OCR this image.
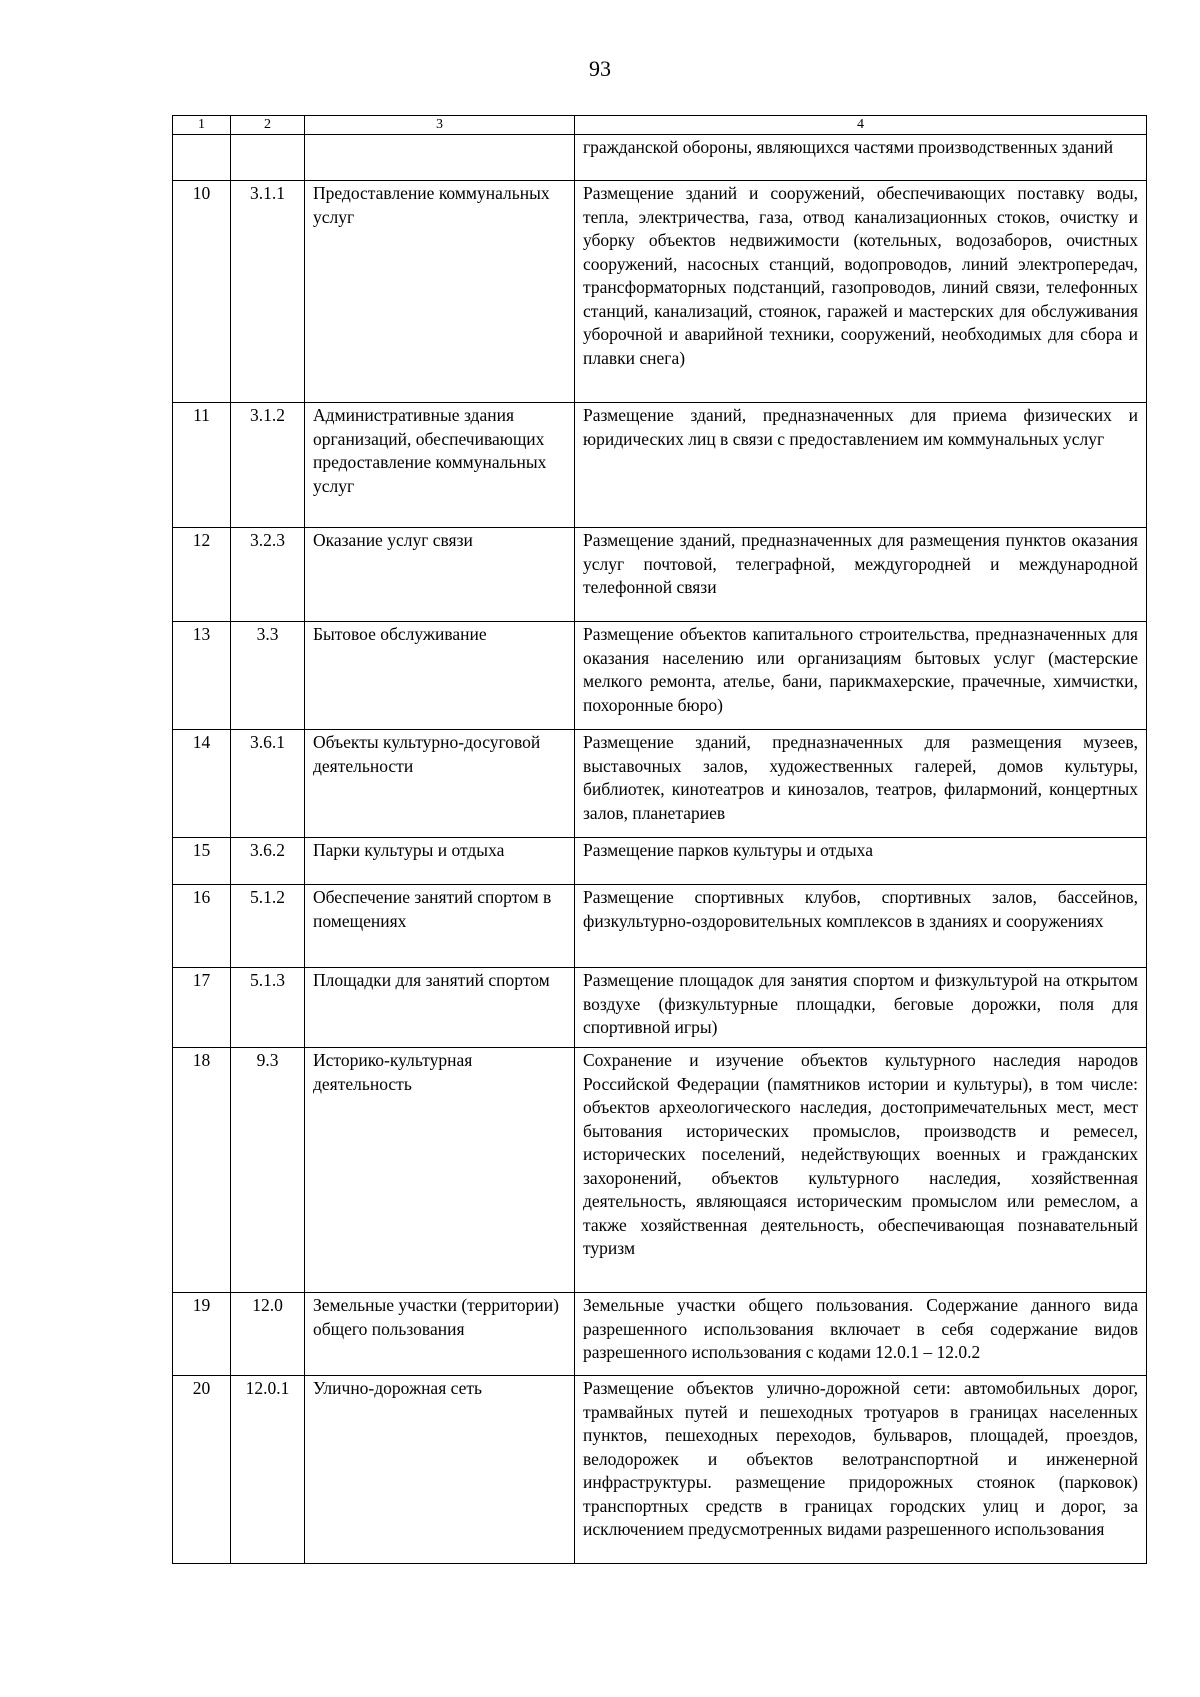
93
1	2	3	4
			гражданской обороны, являющихся частями производственных зданий
10	3.1.1	Предоставление коммунальных услуг	Размещение зданий и сооружений, обеспечивающих поставку воды, тепла, электричества, газа, отвод канализационных стоков, очистку и уборку объектов недвижимости (котельных, водозаборов, очистных сооружений, насосных станций, водопроводов, линий электропередач, трансформаторных подстанций, газопроводов, линий связи, телефонных станций, канализаций, стоянок, гаражей и мастерских для обслуживания уборочной и аварийной техники, сооружений, необходимых для сбора и плавки снега)
11	3.1.2	Административные здания организаций, обеспечивающих предоставление коммунальных услуг	Размещение зданий, предназначенных для приема физических и юридических лиц в связи с предоставлением им коммунальных услуг
12	3.2.3	Оказание услуг связи	Размещение зданий, предназначенных для размещения пунктов оказания услуг почтовой, телеграфной, междугородней и международной телефонной связи
13	3.3	Бытовое обслуживание	Размещение объектов капитального строительства, предназначенных для оказания населению или организациям бытовых услуг (мастерские мелкого ремонта, ателье, бани, парикмахерские, прачечные, химчистки, похоронные бюро)
14	3.6.1	Объекты культурно-досуговой деятельности	Размещение зданий, предназначенных для размещения музеев, выставочных залов, художественных галерей, домов культуры, библиотек, кинотеатров и кинозалов, театров, филармоний, концертных залов, планетариев
15	3.6.2	Парки культуры и отдыха	Размещение парков культуры и отдыха
16	5.1.2	Обеспечение занятий спортом в помещениях	Размещение спортивных клубов, спортивных залов, бассейнов, физкультурно-оздоровительных комплексов в зданиях и сооружениях
17	5.1.3	Площадки для занятий спортом	Размещение площадок для занятия спортом и физкультурой на открытом воздухе (физкультурные площадки, беговые дорожки, поля для спортивной игры)
18	9.3	Историко-культурная деятельность	Сохранение и изучение объектов культурного наследия народов Российской Федерации (памятников истории и культуры), в том числе: объектов археологического наследия, достопримечательных мест, мест бытования исторических промыслов, производств и ремесел, исторических поселений, недействующих военных и гражданских захоронений, объектов культурного наследия, хозяйственная деятельность, являющаяся историческим промыслом или ремеслом, а также хозяйственная деятельность, обеспечивающая познавательный туризм
19	12.0	Земельные участки (территории) общего пользования	Земельные участки общего пользования. Содержание данного вида разрешенного использования включает в себя содержание видов разрешенного использования с кодами 12.0.1 – 12.0.2
20	12.0.1	Улично-дорожная сеть	Размещение объектов улично-дорожной сети: автомобильных дорог, трамвайных путей и пешеходных тротуаров в границах населенных пунктов, пешеходных переходов, бульваров, площадей, проездов, велодорожек и объектов велотранспортной и инженерной инфраструктуры. размещение придорожных стоянок (парковок) транспортных средств в границах городских улиц и дорог, за исключением предусмотренных видами разрешенного использования
